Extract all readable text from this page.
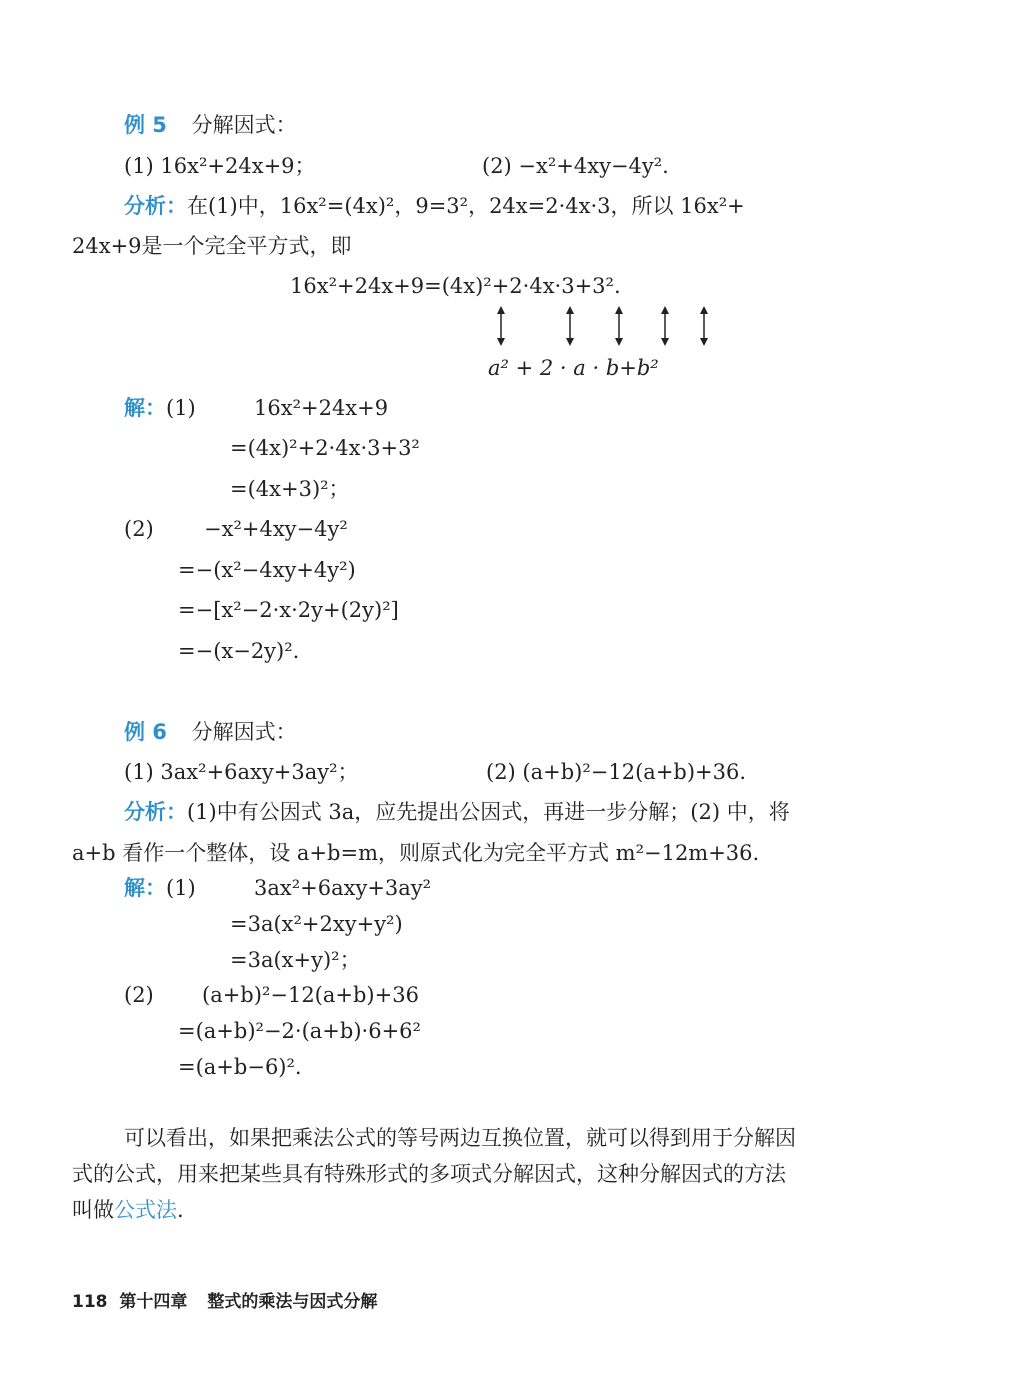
例 5 分解因式：
(1) 16x²+24x+9；	(2) −x²+4xy−4y².
分析：在(1)中，16x²=(4x)²，9=3²，24x=2·4x·3，所以 16x²+
24x+9是一个完全平方式，即
16x²+24x+9=(4x)²+2·4x·3+3².
a² + 2 · a · b+b²
解：(1)	16x²+24x+9
=(4x)²+2·4x·3+3²
=(4x+3)²；
(2) −x²+4xy−4y²
=−(x²−4xy+4y²)
=−[x²−2·x·2y+(2y)²]
=−(x−2y)².
例 6 分解因式：
(1) 3ax²+6axy+3ay²；	(2) (a+b)²−12(a+b)+36.
分析：(1)中有公因式 3a，应先提出公因式，再进一步分解；(2) 中，将
a+b 看作一个整体，设 a+b=m，则原式化为完全平方式 m²−12m+36.
解：(1)	3ax²+6axy+3ay²
=3a(x²+2xy+y²)
=3a(x+y)²；
(2) (a+b)²−12(a+b)+36
=(a+b)²−2·(a+b)·6+6²
=(a+b−6)².
可以看出，如果把乘法公式的等号两边互换位置，就可以得到用于分解因
式的公式，用来把某些具有特殊形式的多项式分解因式，这种分解因式的方法
叫做公式法.
118 第十四章 整式的乘法与因式分解
